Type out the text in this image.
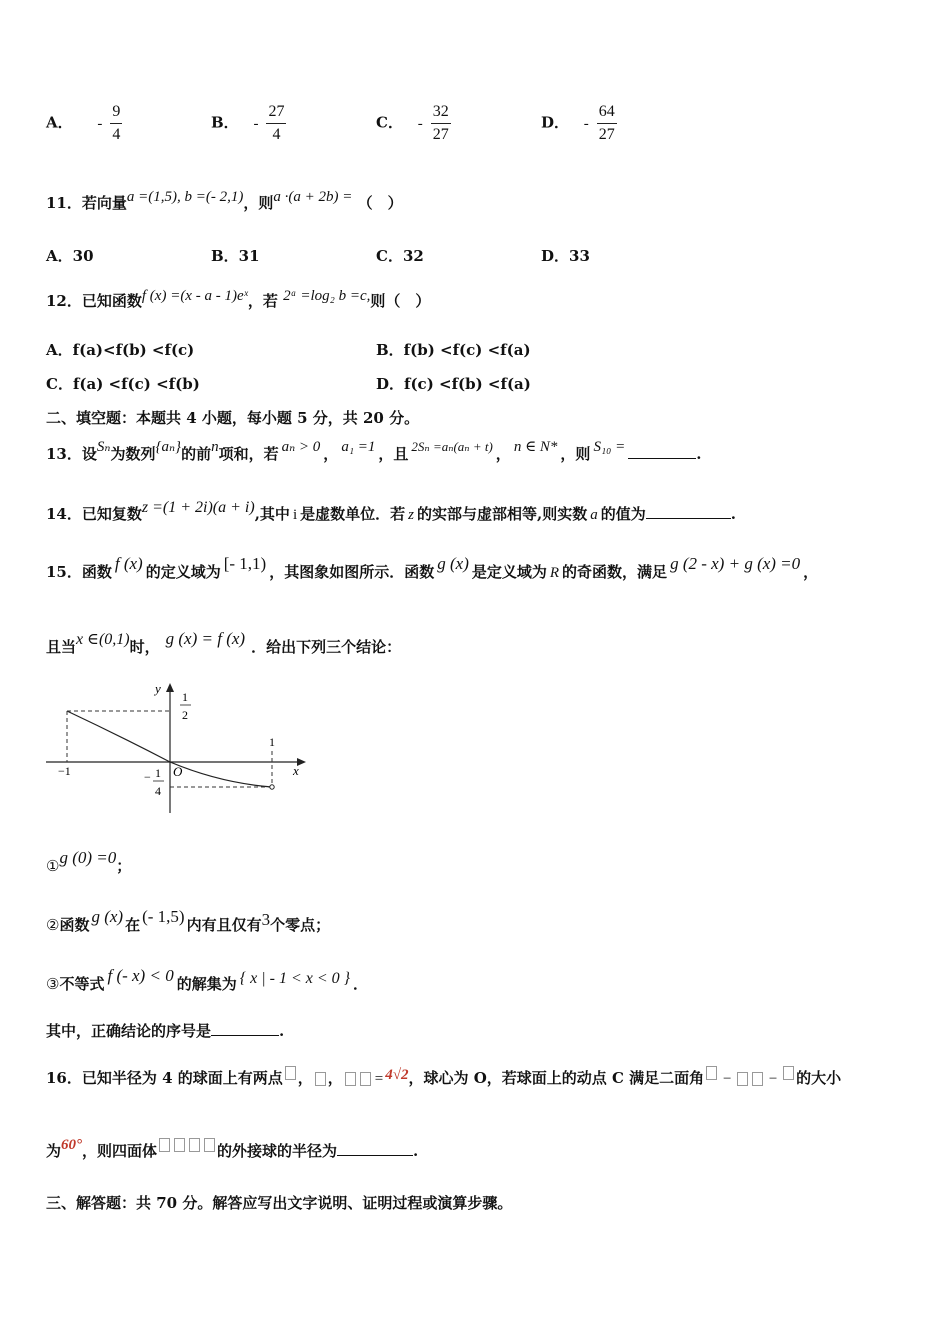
A． - $\frac{9}{4}$	B． - $\frac{27}{4}$	C． - $\frac{32}{27}$	D． - $\frac{64}{27}$
11．若向量a =(1,5), b =(- 2,1)，则a ·(a + 2b) = （　）
A．30	B．31	C．32	D．33
12．已知函数f (x) =(x - a - 1)eˣ，若 2ᵃ =log₂ b =c,则（　）
A．f(a)<f(b) <f(c)	B．f(b) <f(c) <f(a)
C．f(a) <f(c) <f(b)	D．f(c) <f(b) <f(a)
二、填空题：本题共 4 小题，每小题 5 分，共 20 分。
13．设Sₙ为数列{aₙ}的前n项和，若 aₙ > 0 ， a₁ =1 ，且 2Sₙ =aₙ(aₙ + t) ， n ∈ N* ，则 S₁₀ =	.
14．已知复数z =(1 + 2i)(a + i),其中 i 是虚数单位．若 z 的实部与虚部相等,则实数 a 的值为	.
15．函数 f (x) 的定义域为 [- 1,1) ，其图象如图所示．函数 g (x) 是定义域为 R 的奇函数，满足 g (2 - x) + g (x) =0 ，
且当x ∈(0,1)时， g (x) = f (x) ．给出下列三个结论：
y
x
O
1
2
1
−1	− 1
4
①g (0) =0；
②函数 g (x) 在 (- 1,5) 内有且仅有3个零点；
③不等式 f (- x) < 0 的解集为 { x | - 1 < x < 0 } ．
其中，正确结论的序号是	.
16．已知半径为 4 的球面上有两点 ， ， = 4√2，球心为 O，若球面上的动点 C 满足二面角 −  − 的大小
为60°，则四面体	的外接球的半径为	.
三、解答题：共 70 分。解答应写出文字说明、证明过程或演算步骤。
